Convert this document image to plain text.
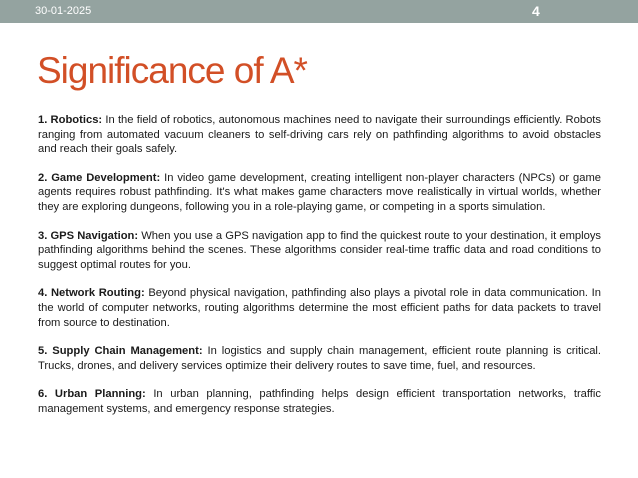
30-01-2025	4
Significance of A*

1. Robotics: In the field of robotics, autonomous machines need to navigate their surroundings efficiently. Robots ranging from automated vacuum cleaners to self-driving cars rely on pathfinding algorithms to avoid obstacles and reach their goals safely.

2. Game Development: In video game development, creating intelligent non-player characters (NPCs) or game agents requires robust pathfinding. It's what makes game characters move realistically in virtual worlds, whether they are exploring dungeons, following you in a role-playing game, or competing in a sports simulation.

3. GPS Navigation: When you use a GPS navigation app to find the quickest route to your destination, it employs pathfinding algorithms behind the scenes. These algorithms consider real-time traffic data and road conditions to suggest optimal routes for you.

4. Network Routing: Beyond physical navigation, pathfinding also plays a pivotal role in data communication. In the world of computer networks, routing algorithms determine the most efficient paths for data packets to travel from source to destination.

5. Supply Chain Management: In logistics and supply chain management, efficient route planning is critical. Trucks, drones, and delivery services optimize their delivery routes to save time, fuel, and resources.

6. Urban Planning: In urban planning, pathfinding helps design efficient transportation networks, traffic management systems, and emergency response strategies.
